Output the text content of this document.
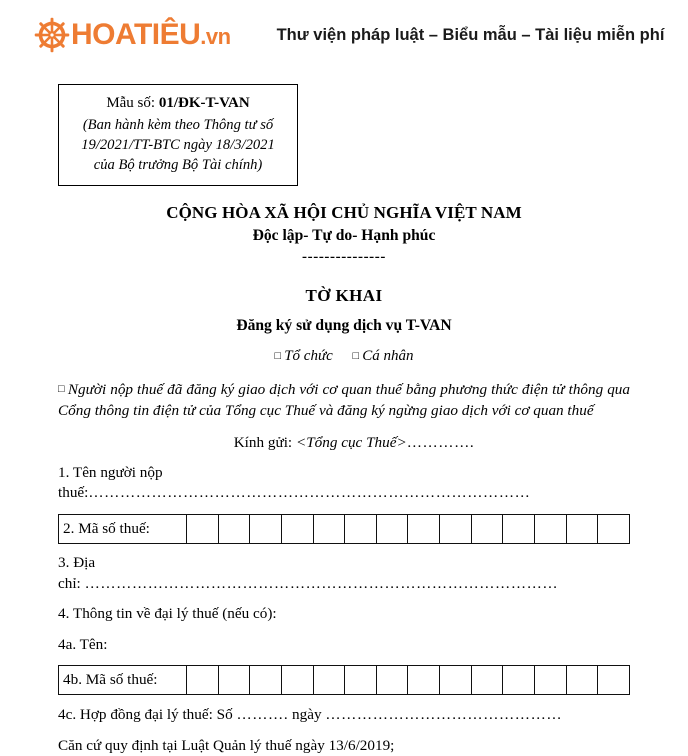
HOATIÊU.vn	Thư viện pháp luật – Biểu mẫu – Tài liệu miễn phí
Mẫu số: 01/ĐK-T-VAN
(Ban hành kèm theo Thông tư số
19/2021/TT-BTC ngày 18/3/2021
của Bộ trưởng Bộ Tài chính)
CỘNG HÒA XÃ HỘI CHỦ NGHĨA VIỆT NAM
Độc lập- Tự do- Hạnh phúc
---------------
TỜ KHAI
Đăng ký sử dụng dịch vụ T-VAN
□ Tổ chức □ Cá nhân
□ Người nộp thuế đã đăng ký giao dịch với cơ quan thuế bằng phương thức điện tử thông qua Cổng thông tin điện tử của Tổng cục Thuế và đăng ký ngừng giao dịch với cơ quan thuế
Kính gửi: <Tổng cục Thuế>………….
1. Tên người nộp thuế:…………………………………………………………………………
2. Mã số thuế:
3. Địa
chỉ: ………………………………………………………………………………
4. Thông tin về đại lý thuế (nếu có):
4a. Tên:
4b. Mã số thuế:
4c. Hợp đồng đại lý thuế: Số ………. ngày ………………………………………
Căn cứ quy định tại Luật Quản lý thuế ngày 13/6/2019;
